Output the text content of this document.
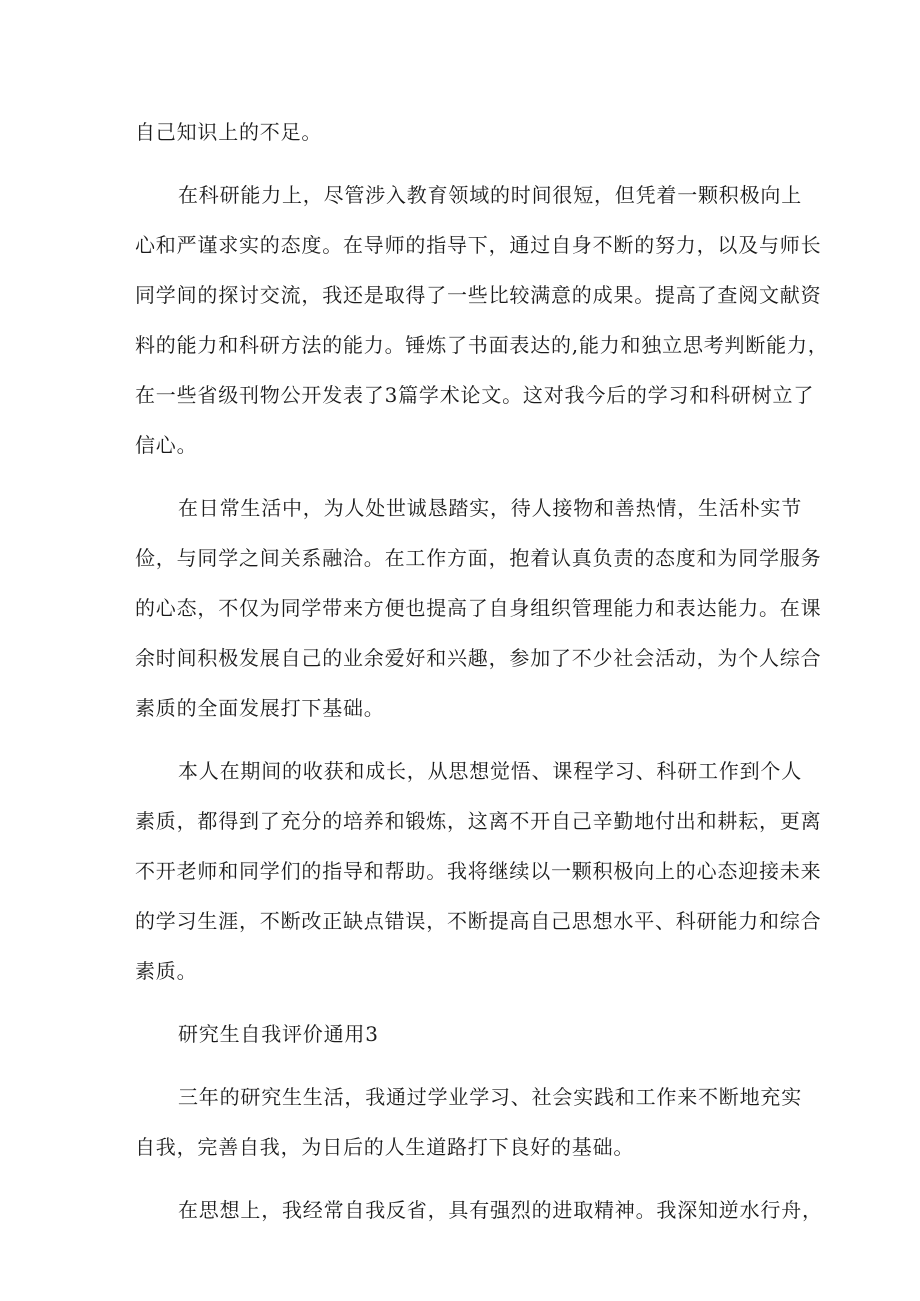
自己知识上的不足。
在科研能力上，尽管涉入教育领域的时间很短，但凭着一颗积极向上
心和严谨求实的态度。在导师的指导下，通过自身不断的努力，以及与师长
同学间的探讨交流，我还是取得了一些比较满意的成果。提高了查阅文献资
料的能力和科研方法的能力。锤炼了书面表达的,能力和独立思考判断能力，
在一些省级刊物公开发表了3篇学术论文。这对我今后的学习和科研树立了
信心。
在日常生活中，为人处世诚恳踏实，待人接物和善热情，生活朴实节
俭，与同学之间关系融洽。在工作方面，抱着认真负责的态度和为同学服务
的心态，不仅为同学带来方便也提高了自身组织管理能力和表达能力。在课
余时间积极发展自己的业余爱好和兴趣，参加了不少社会活动，为个人综合
素质的全面发展打下基础。
本人在期间的收获和成长，从思想觉悟、课程学习、科研工作到个人
素质，都得到了充分的培养和锻炼，这离不开自己辛勤地付出和耕耘，更离
不开老师和同学们的指导和帮助。我将继续以一颗积极向上的心态迎接未来
的学习生涯，不断改正缺点错误，不断提高自己思想水平、科研能力和综合
素质。
研究生自我评价通用3
三年的研究生生活，我通过学业学习、社会实践和工作来不断地充实
自我，完善自我，为日后的人生道路打下良好的基础。
在思想上，我经常自我反省，具有强烈的进取精神。我深知逆水行舟，
